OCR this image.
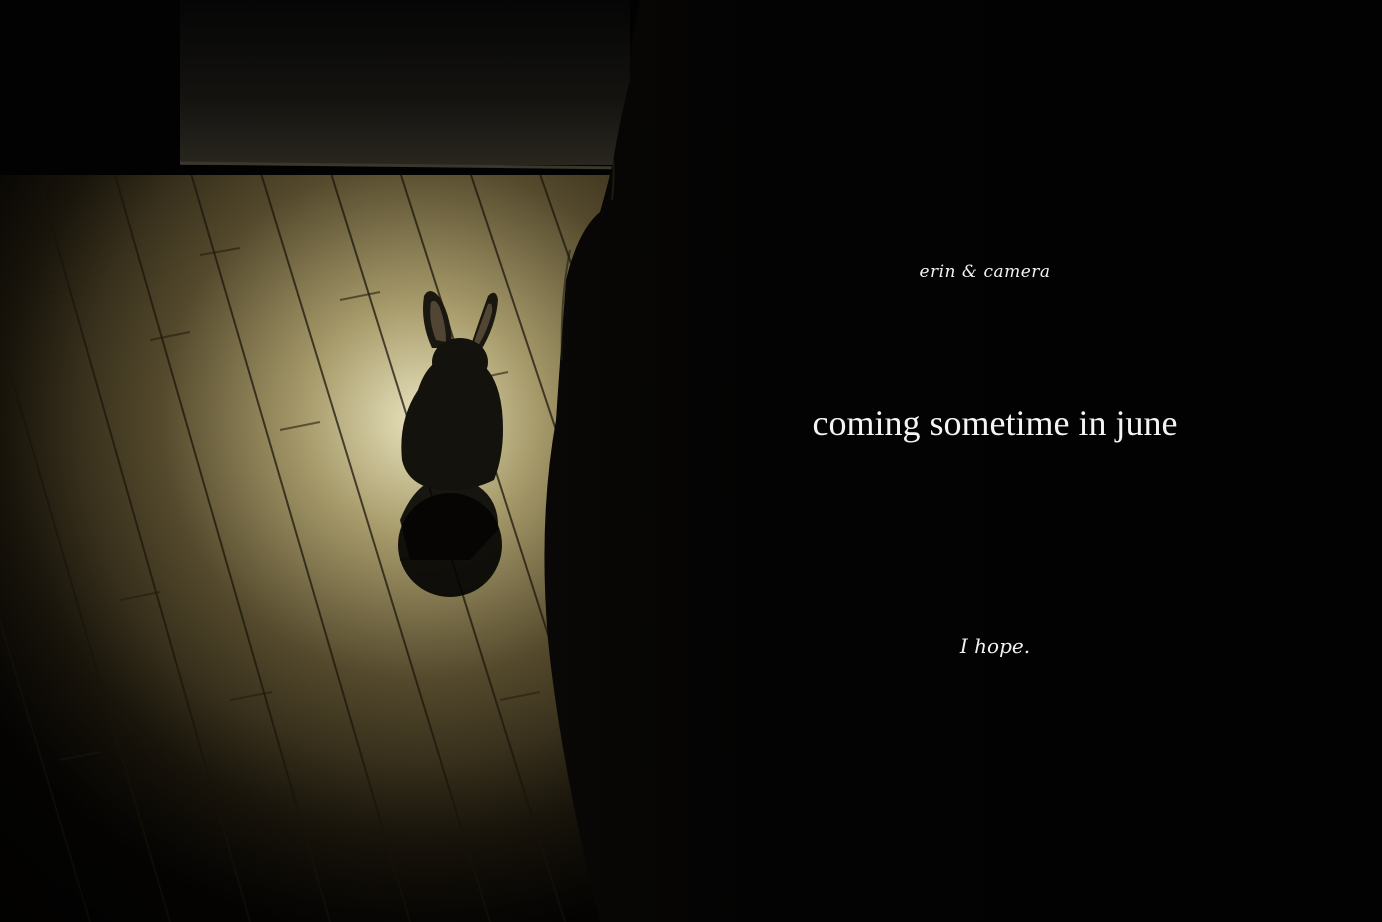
erin & camera
coming sometime in june
I hope.
